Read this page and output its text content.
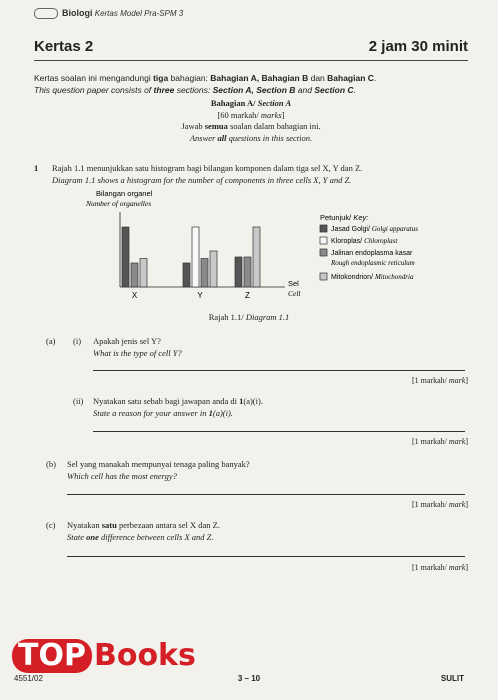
Biologi Kertas Model Pra-SPM 3
Kertas 2	2 jam 30 minit
Kertas soalan ini mengandungi tiga bahagian: Bahagian A, Bahagian B dan Bahagian C.
This question paper consists of three sections: Section A, Section B and Section C.
Bahagian A/ Section A
[60 markah/ marks]
Jawab semua soalan dalam bahagian ini.
Answer all questions in this section.
1 Rajah 1.1 menunjukkan satu histogram bagi bilangan komponen dalam tiga sel X, Y dan Z.
Diagram 1.1 shows a histogram for the number of components in three cells X, Y and Z.
Bilangan organel
Number of organelles
X	Y	Z
Sel
Cell
Petunjuk/ Key:
Jasad Golgi/ Golgi apparatus
Kloroplas/ Chloroplast
Jalinan endoplasma kasar Rough endoplasmic reticulum
Mitokondrion/ Mitochondria
Rajah 1.1/ Diagram 1.1
(a) (i) Apakah jenis sel Y?
What is the type of cell Y?
[1 markah/ mark]
(ii) Nyatakan satu sebab bagi jawapan anda di 1(a)(i).
State a reason for your answer in 1(a)(i).
[1 markah/ mark]
(b) Sel yang manakah mempunyai tenaga paling banyak?
Which cell has the most energy?
[1 markah/ mark]
(c) Nyatakan satu perbezaan antara sel X dan Z.
State one difference between cells X and Z.
[1 markah/ mark]
TOP Books
4551/02	3 – 10	SULIT
